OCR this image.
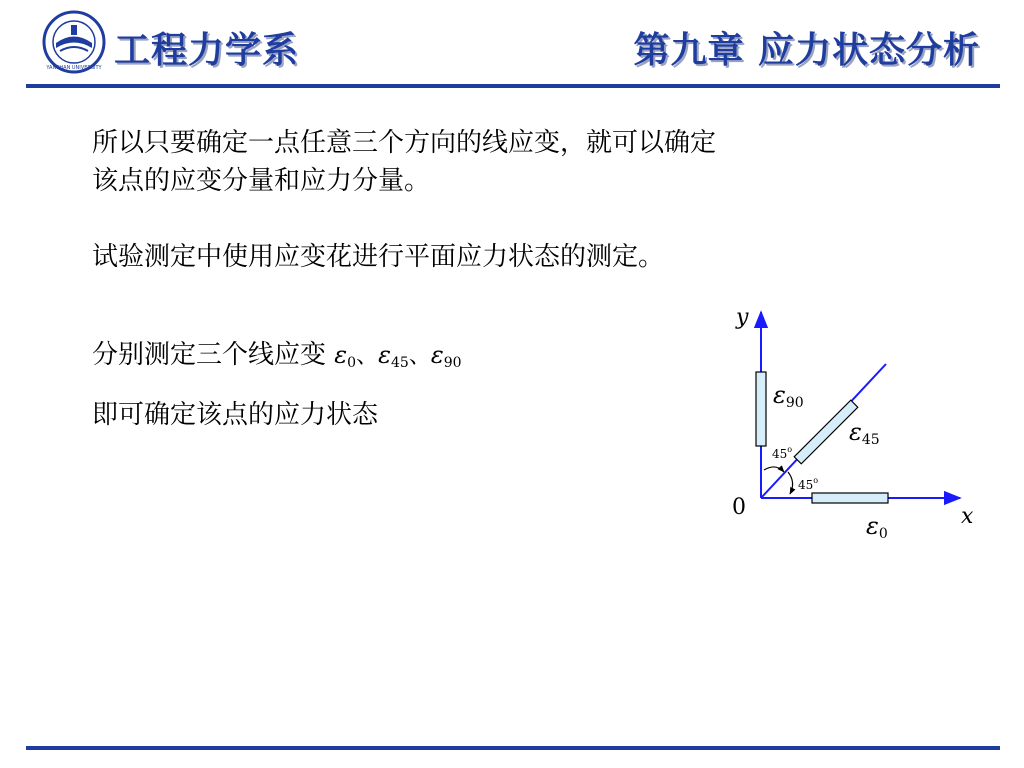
YANSHAN UNIVERSITY 工程力学系	第九章 应力状态分析
所以只要确定一点任意三个方向的线应变，就可以确定
该点的应变分量和应力分量。
试验测定中使用应变花进行平面应力状态的测定。
分别测定三个线应变 $\varepsilon_0$、$\varepsilon_{45}$、$\varepsilon_{90}$
即可确定该点的应力状态
y
x
0
ε90
ε45
ε0
45$^o$
45$^o$
